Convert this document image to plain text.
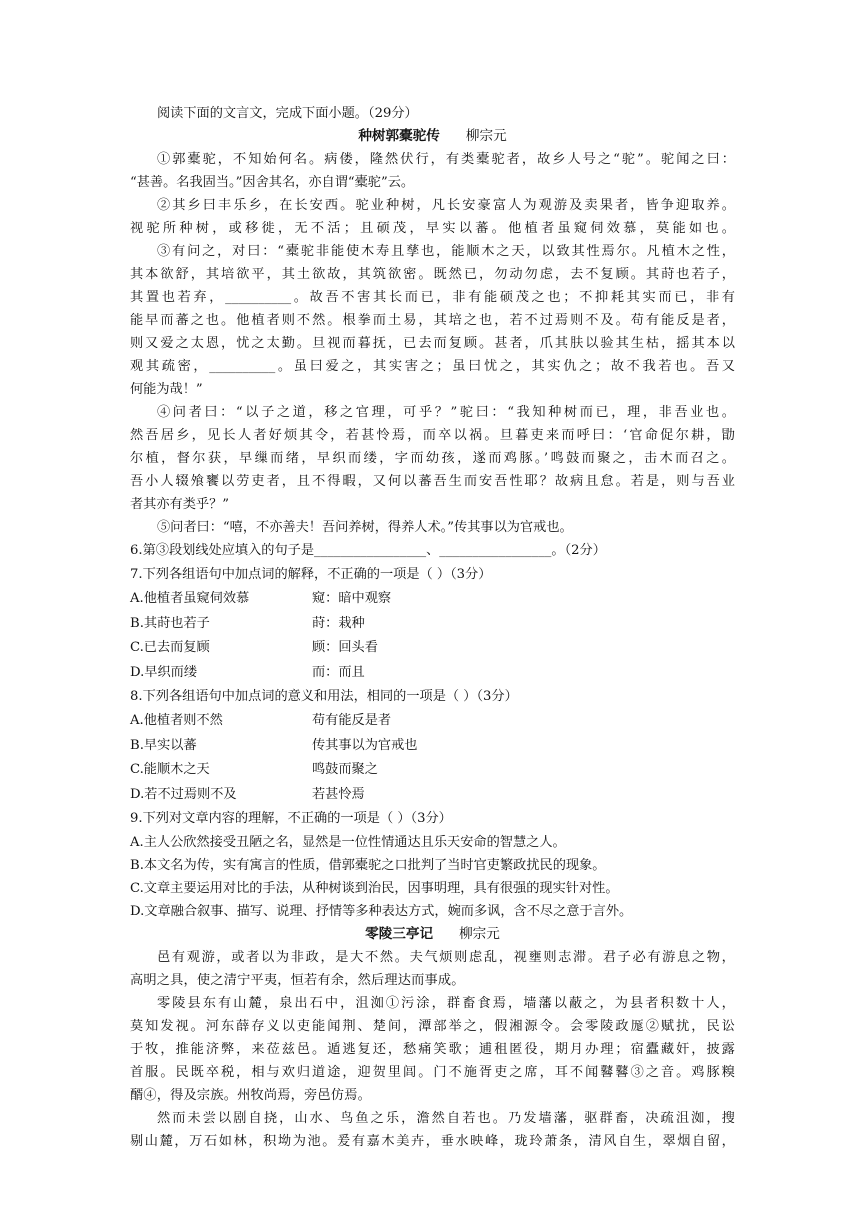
阅读下面的文言文，完成下面小题。（29分）
种树郭橐驼传 柳宗元
①郭橐驼，不知始何名。病偻，隆然伏行，有类橐驼者，故乡人号之“驼”。驼闻之曰：
“甚善。名我固当。”因舍其名，亦自谓“橐驼”云。
②其乡曰丰乐乡，在长安西。驼业种树，凡长安豪富人为观游及卖果者，皆争迎取养。
视驼所种树，或移徙，无不活；且硕茂，早实以蕃。他植者虽窥伺效慕，莫能如也。
③有问之，对曰：“橐驼非能使木寿且孳也，能顺木之天，以致其性焉尔。凡植木之性，
其本欲舒，其培欲平，其土欲故，其筑欲密。既然已，勿动勿虑，去不复顾。其莳也若子，
其置也若弃，__________。故吾不害其长而已，非有能硕茂之也；不抑耗其实而已，非有
能早而蕃之也。他植者则不然。根拳而土易，其培之也，若不过焉则不及。苟有能反是者，
则又爱之太恩，忧之太勤。旦视而暮抚，已去而复顾。甚者，爪其肤以验其生枯，摇其本以
观其疏密，__________。虽曰爱之，其实害之；虽曰忧之，其实仇之；故不我若也。吾又
何能为哉！”
④问者曰：“以子之道，移之官理，可乎？”驼曰：“我知种树而已，理，非吾业也。
然吾居乡，见长人者好烦其令，若甚怜焉，而卒以祸。旦暮吏来而呼曰：‘官命促尔耕，勖
尔植，督尔获，早缫而绪，早织而缕，字而幼孩，遂而鸡豚。’鸣鼓而聚之，击木而召之。
吾小人辍飧饔以劳吏者，且不得暇，又何以蕃吾生而安吾性耶？故病且怠。若是，则与吾业
者其亦有类乎？”
⑤问者曰：“嘻，不亦善夫！吾问养树，得养人术。”传其事以为官戒也。
6.第③段划线处应填入的句子是_________________、_________________。（2分）
7.下列各组语句中加点词的解释，不正确的一项是（ ）（3分）
A.他植者虽窥伺效慕	窥：暗中观察
B.其莳也若子	莳：栽种
C.已去而复顾	顾：回头看
D.早织而缕	而：而且
8.下列各组语句中加点词的意义和用法，相同的一项是（ ）（3分）
A.他植者则不然	苟有能反是者
B.早实以蕃	传其事以为官戒也
C.能顺木之天	鸣鼓而聚之
D.若不过焉则不及	若甚怜焉
9.下列对文章内容的理解，不正确的一项是（ ）（3分）
A.主人公欣然接受丑陋之名，显然是一位性情通达且乐天安命的智慧之人。
B.本文名为传，实有寓言的性质，借郭橐驼之口批判了当时官吏繁政扰民的现象。
C.文章主要运用对比的手法，从种树谈到治民，因事明理，具有很强的现实针对性。
D.文章融合叙事、描写、说理、抒情等多种表达方式，婉而多讽，含不尽之意于言外。
零陵三亭记 柳宗元
邑有观游，或者以为非政，是大不然。夫气烦则虑乱，视壅则志滞。君子必有游息之物，
高明之具，使之清宁平夷，恒若有余，然后理达而事成。
零陵县东有山麓，泉出石中，沮洳①污涂，群畜食焉，墙藩以蔽之，为县者积数十人，
莫知发视。河东薛存义以吏能闻荆、楚间，潭部举之，假湘源令。会零陵政厖②赋扰，民讼
于牧，推能济弊，来莅兹邑。遁逃复还，愁痛笑歌；逋租匿役，期月办理；宿蠹藏奸，披露
首服。民既卒税，相与欢归道途，迎贺里闾。门不施胥吏之席，耳不闻鼛鼛③之音。鸡豚糗
醑④，得及宗族。州牧尚焉，旁邑仿焉。
然而未尝以剧自挠，山水、鸟鱼之乐，澹然自若也。乃发墙藩，驱群畜，决疏沮洳，搜
剔山麓，万石如林，积坳为池。爰有嘉木美卉，垂水映峰，珑玲萧条，清风自生，翠烟自留，
